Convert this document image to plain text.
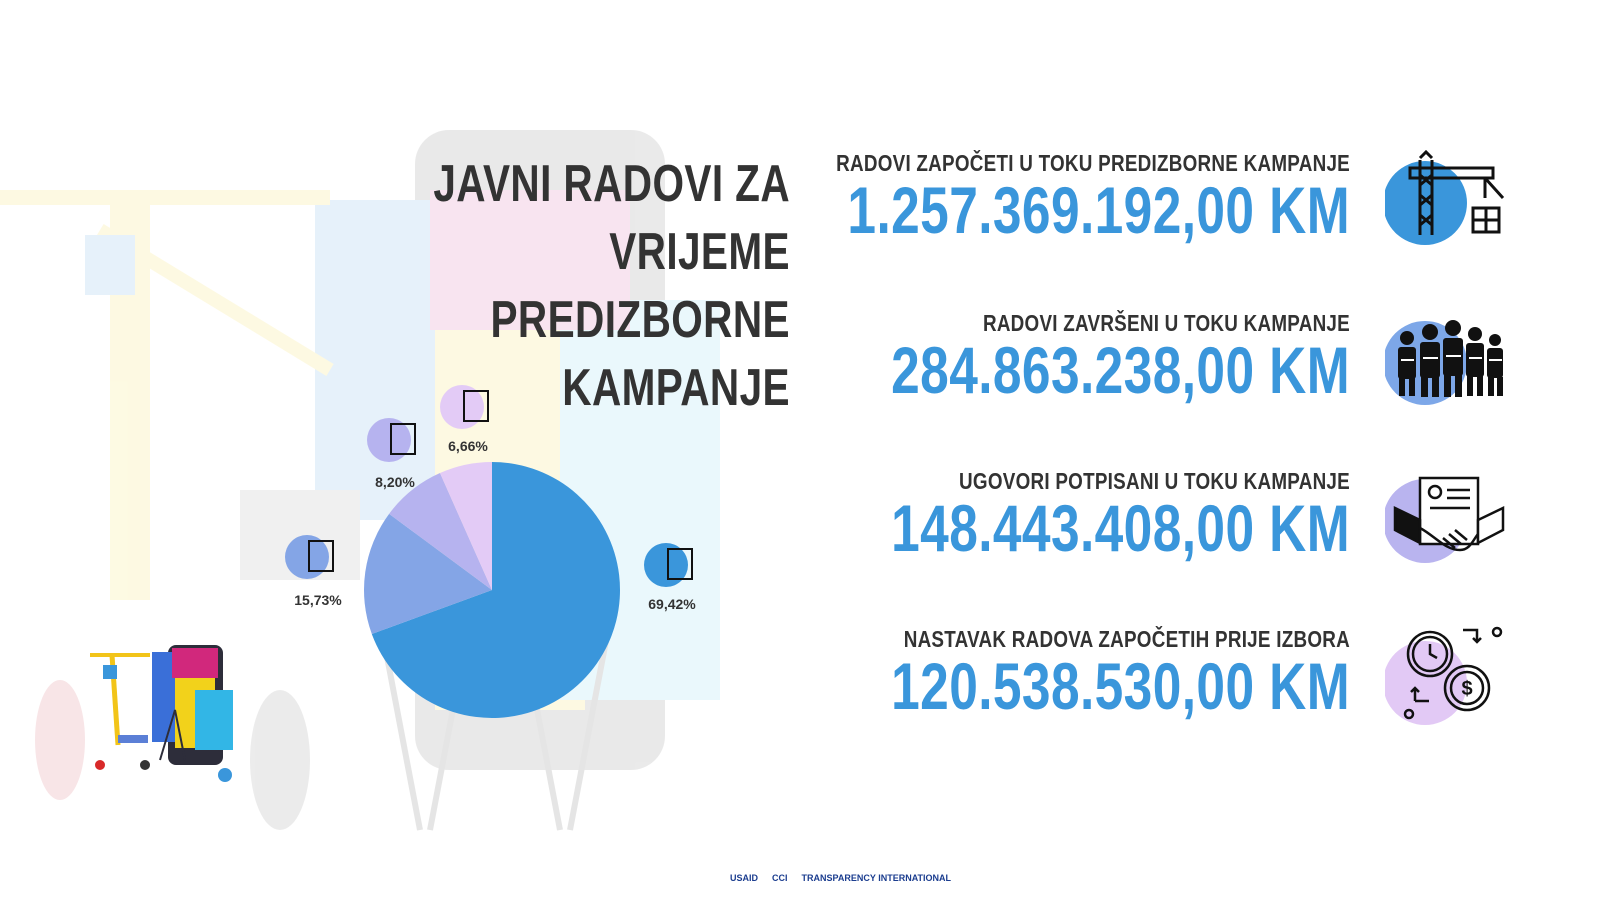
JAVNI RADOVI ZA VRIJEME
PREDIZBORNE KAMPANJE
69,42%
15,73%
8,20%
6,66%
RADOVI ZAPOČETI U TOKU PREDIZBORNE KAMPANJE
1.257.369.192,00 KM
RADOVI ZAVRŠENI U TOKU KAMPANJE
284.863.238,00 KM
UGOVORI POTPISANI U TOKU KAMPANJE
148.443.408,00 KM
NASTAVAK RADOVA ZAPOČETIH PRIJE IZBORA
120.538.530,00 KM	$
USAID CCI TRANSPARENCY INTERNATIONAL
